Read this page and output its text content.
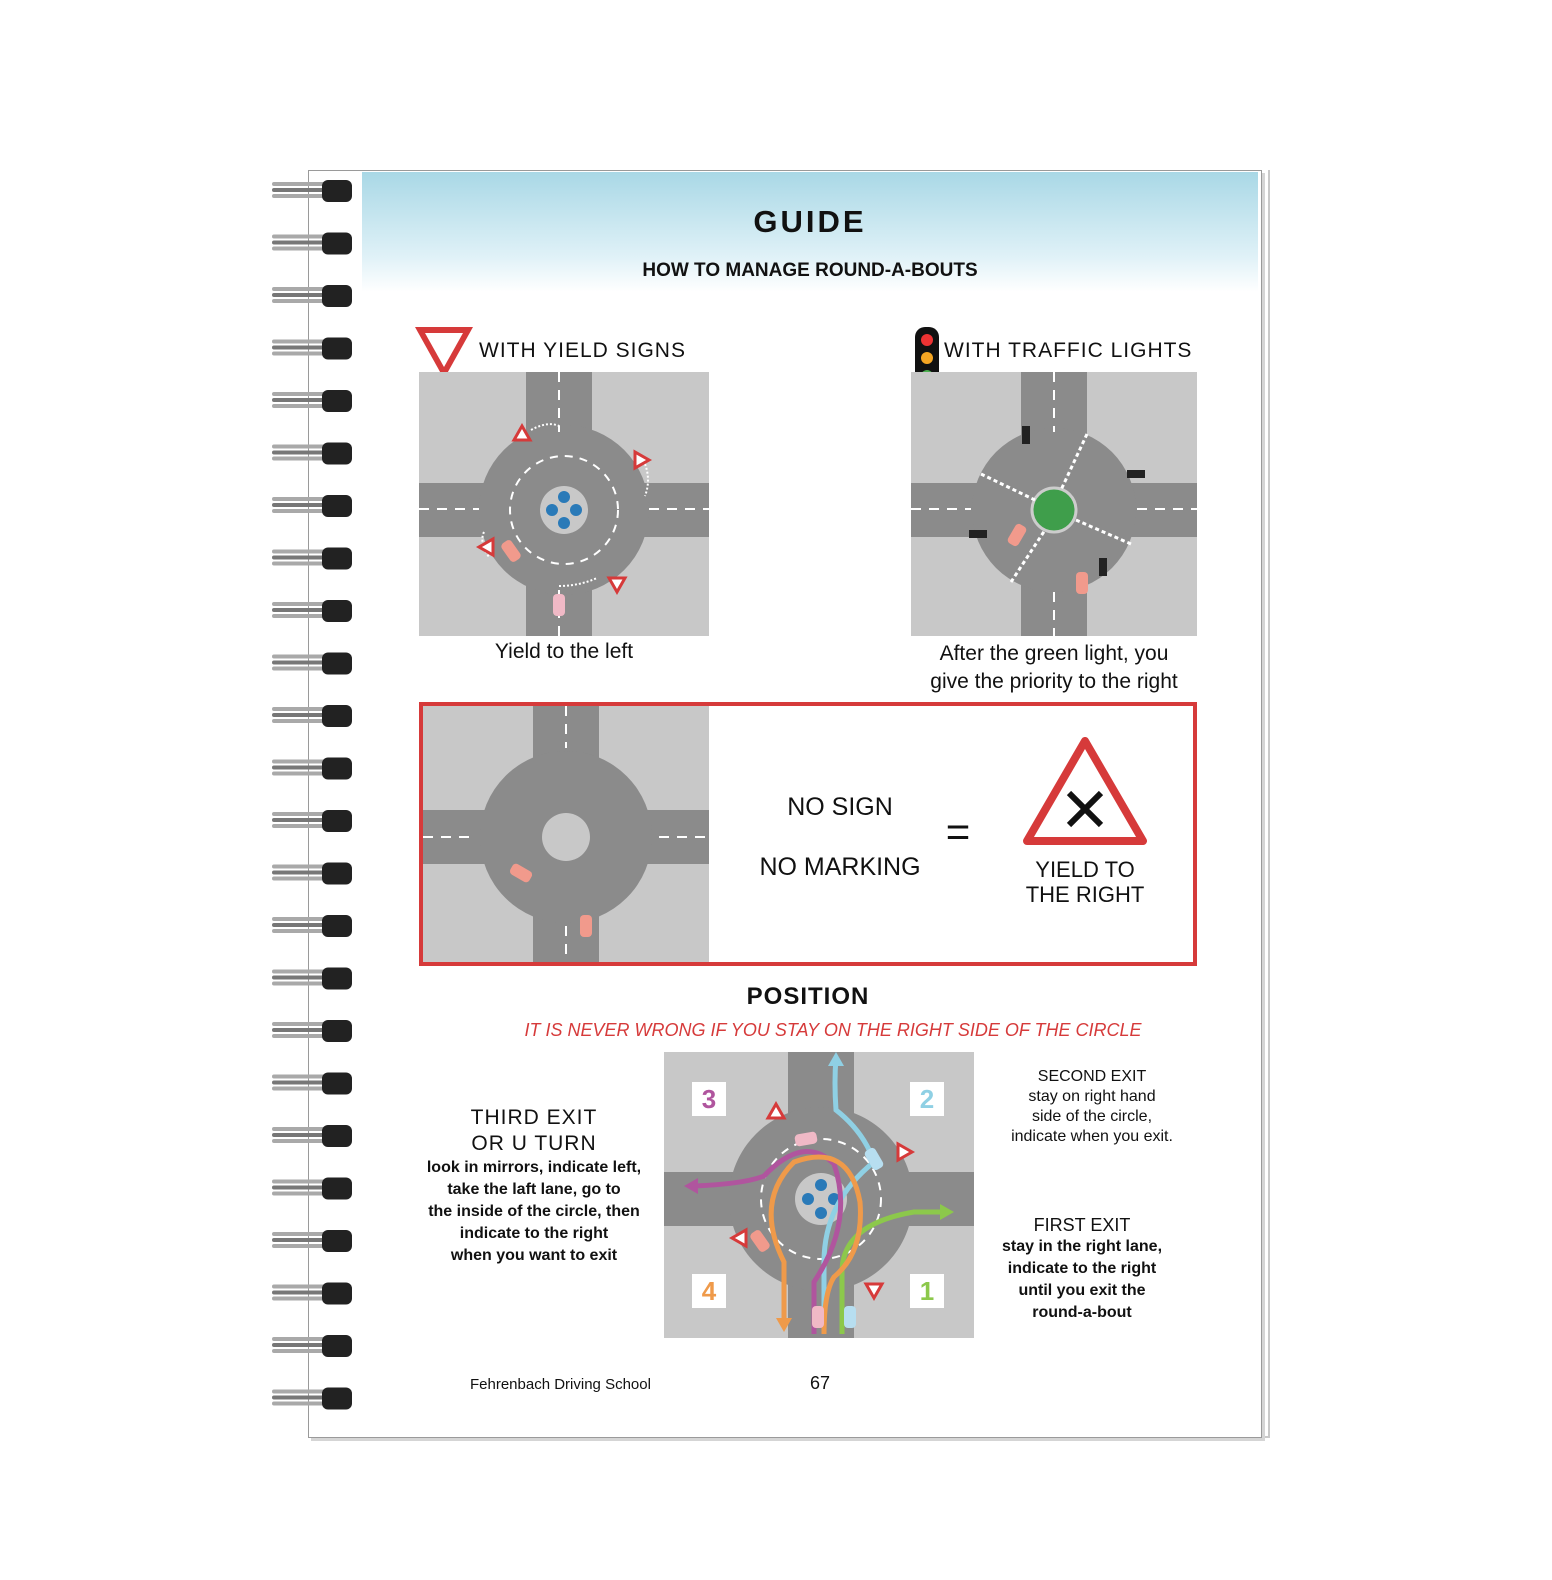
GUIDE
HOW TO MANAGE ROUND-A-BOUTS
WITH YIELD SIGNS	WITH TRAFFIC LIGHTS
Yield to the left	After the green light, you
give the priority to the right
NO SIGN
NO MARKING
=
YIELD TO
THE RIGHT
POSITION
IT IS NEVER WRONG IF YOU STAY ON THE RIGHT SIDE OF THE CIRCLE
3	2
4	1
THIRD EXIT
OR U TURN
look in mirrors, indicate left,
take the laft lane, go to
the inside of the circle, then
indicate to the right
when you want to exit
SECOND EXIT
stay on right hand
side of the circle,
indicate when you exit.
FIRST EXIT
stay in the right lane,
indicate to the right
until you exit the
round-a-bout
Fehrenbach Driving School	67
